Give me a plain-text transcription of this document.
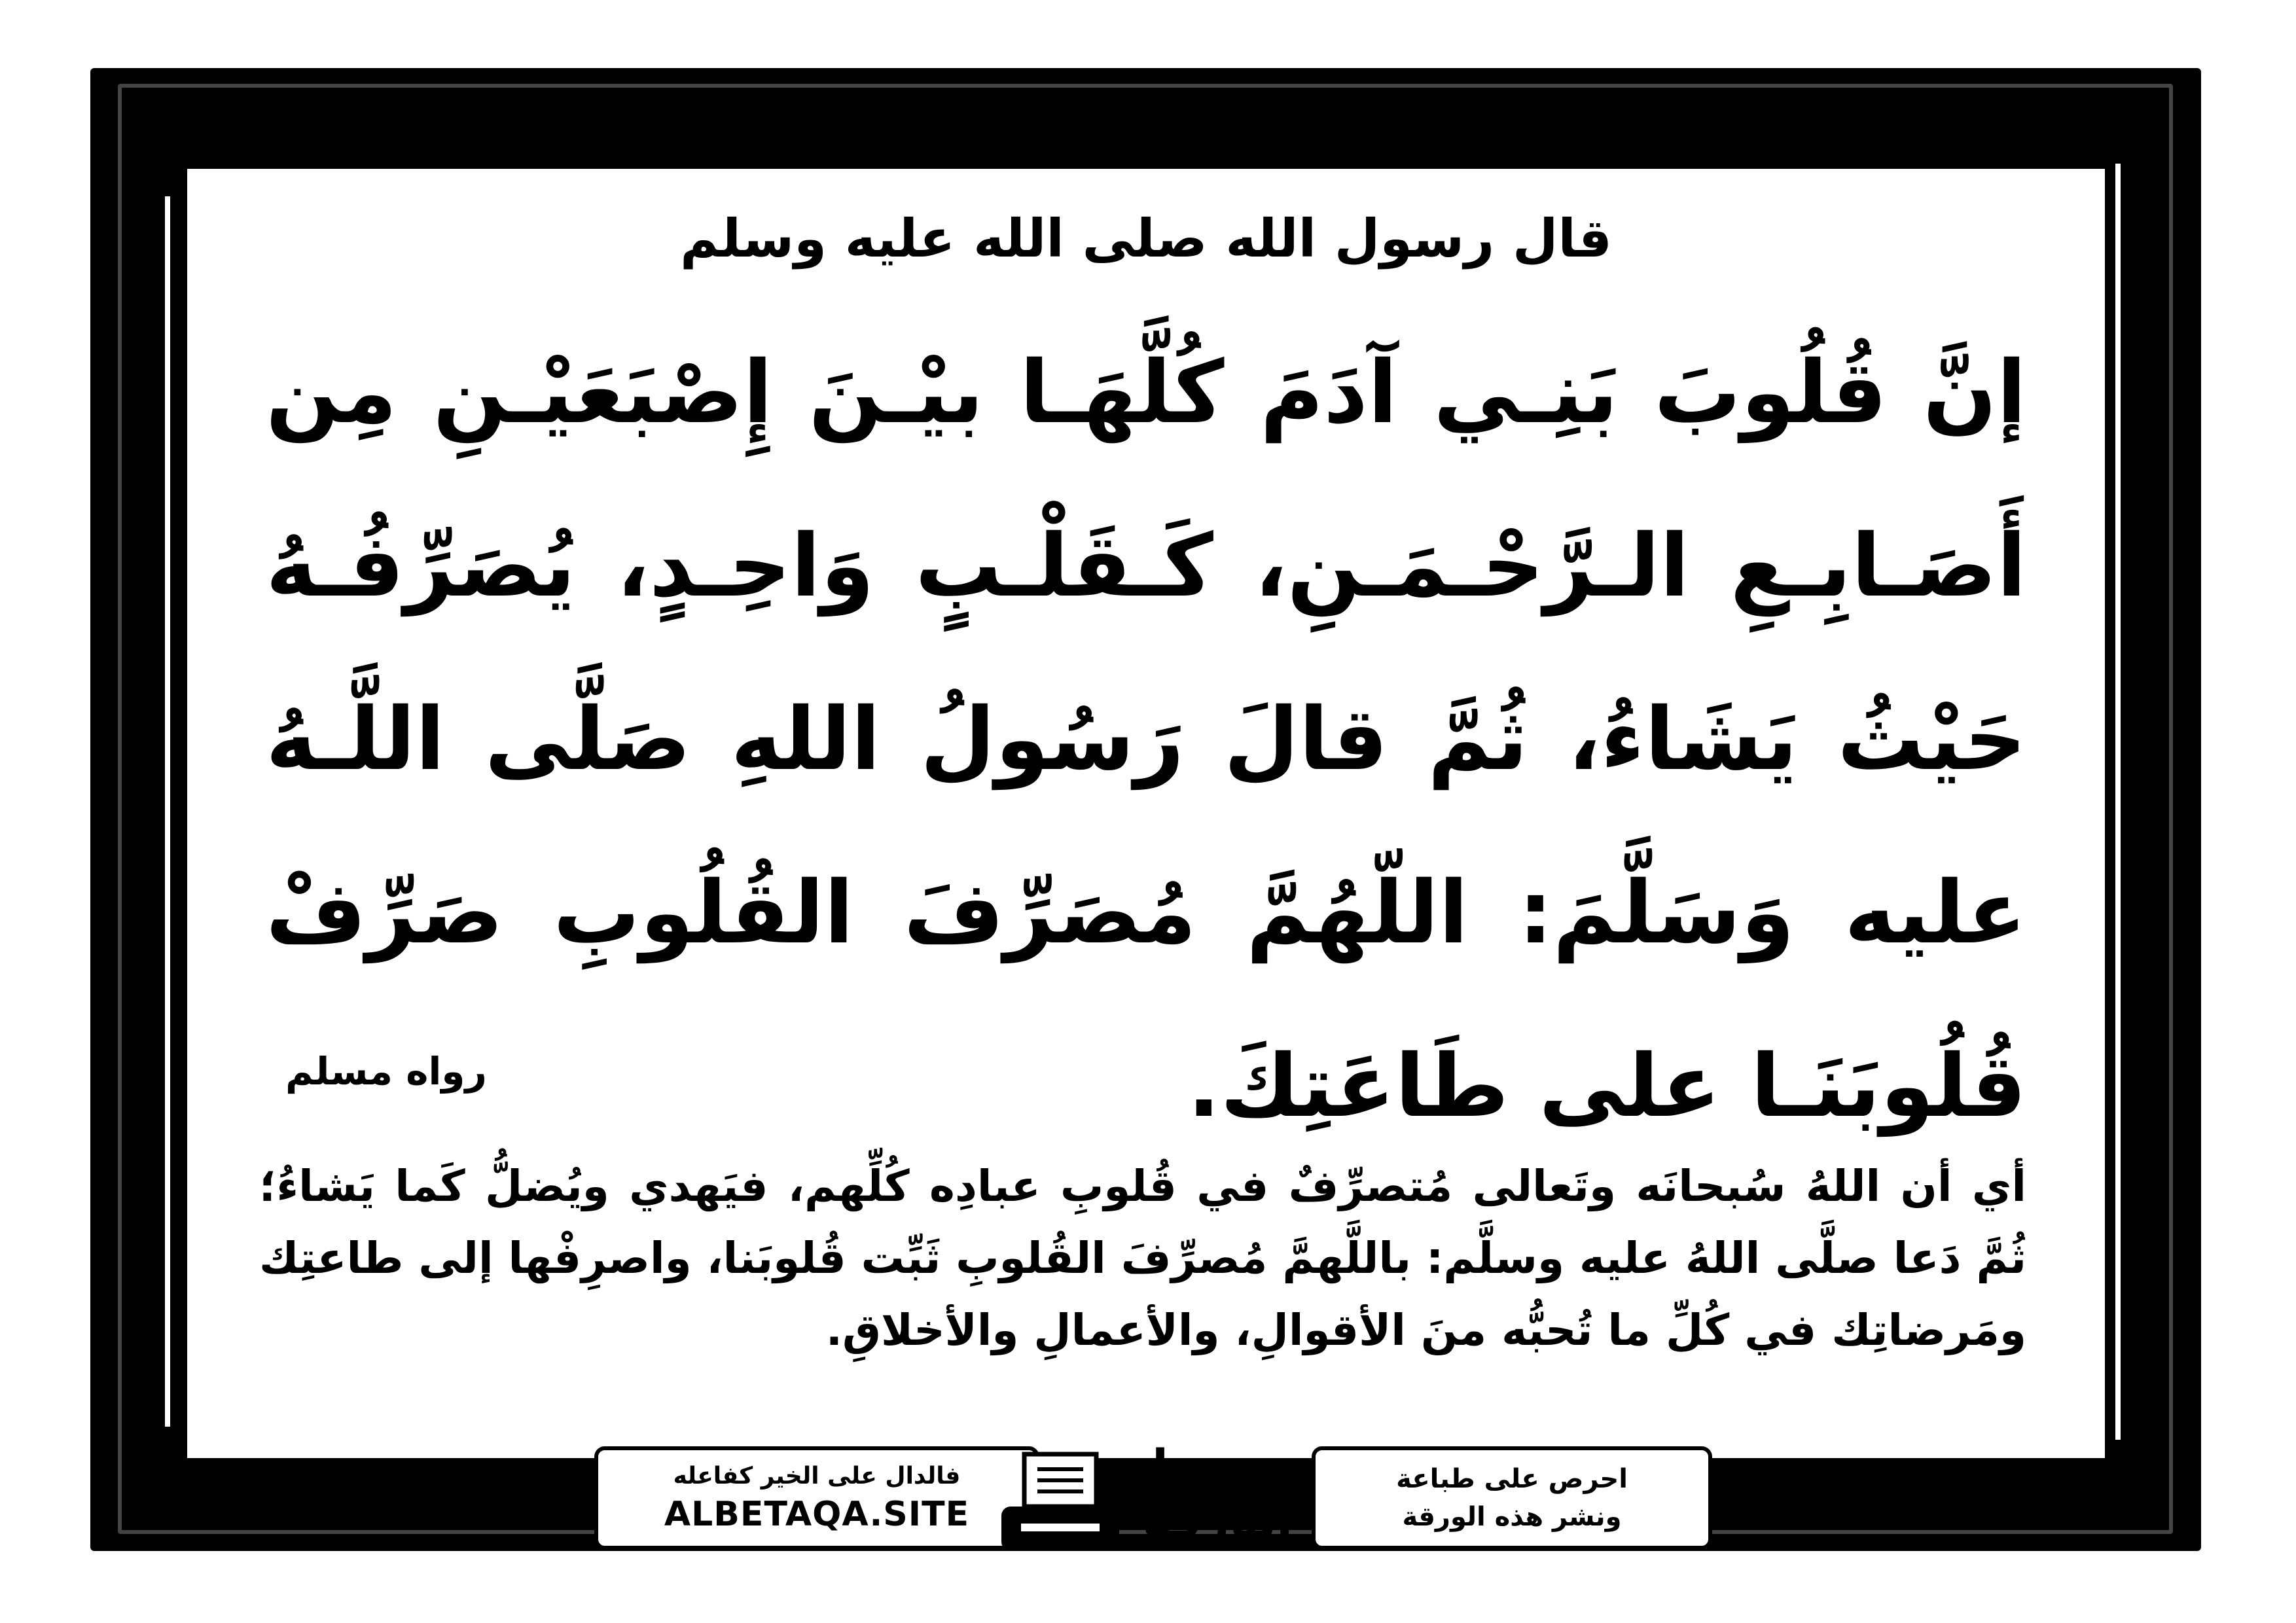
قال رسول الله صلى الله عليه وسلم
إنَّ قُلُوبَ بَنِـي آدَمَ كُلَّهَـا بيْـنَ إِصْبَعَيْـنِ مِن أَصَـابِـعِ الـرَّحْـمَـنِ، كَـقَلْـبٍ وَاحِـدٍ، يُصَرِّفُـهُ حَيْثُ يَشَاءُ، ثُمَّ قالَ رَسُولُ اللهِ صَلَّى اللَّـهُ عليه وَسَلَّمَ: اللّهُمَّ مُصَرِّفَ القُلُوبِ صَرِّفْ قُلُوبَنَـا على طَاعَتِكَ.
رواه مسلم
أي أن اللهُ سُبحانَه وتَعالى مُتصرِّفٌ في قُلوبِ عبادِه كُلِّهم، فيَهدي ويُضلُّ كَما يَشاءُ؛ ثُمَّ دَعا صلَّى اللهُ عليه وسلَّم: باللَّهمَّ مُصرِّفَ القُلوبِ ثَبِّت قُلوبَنا، واصرِفْها إلى طاعتِك ومَرضاتِك في كُلِّ ما تُحبُّه منَ الأقوالِ، والأعمالِ والأخلاقِ.
فالدال على الخير كفاعله
ALBETAQA.SITE
احرص على طباعة
ونشر هذه الورقة
دعوتنا
الورقة
